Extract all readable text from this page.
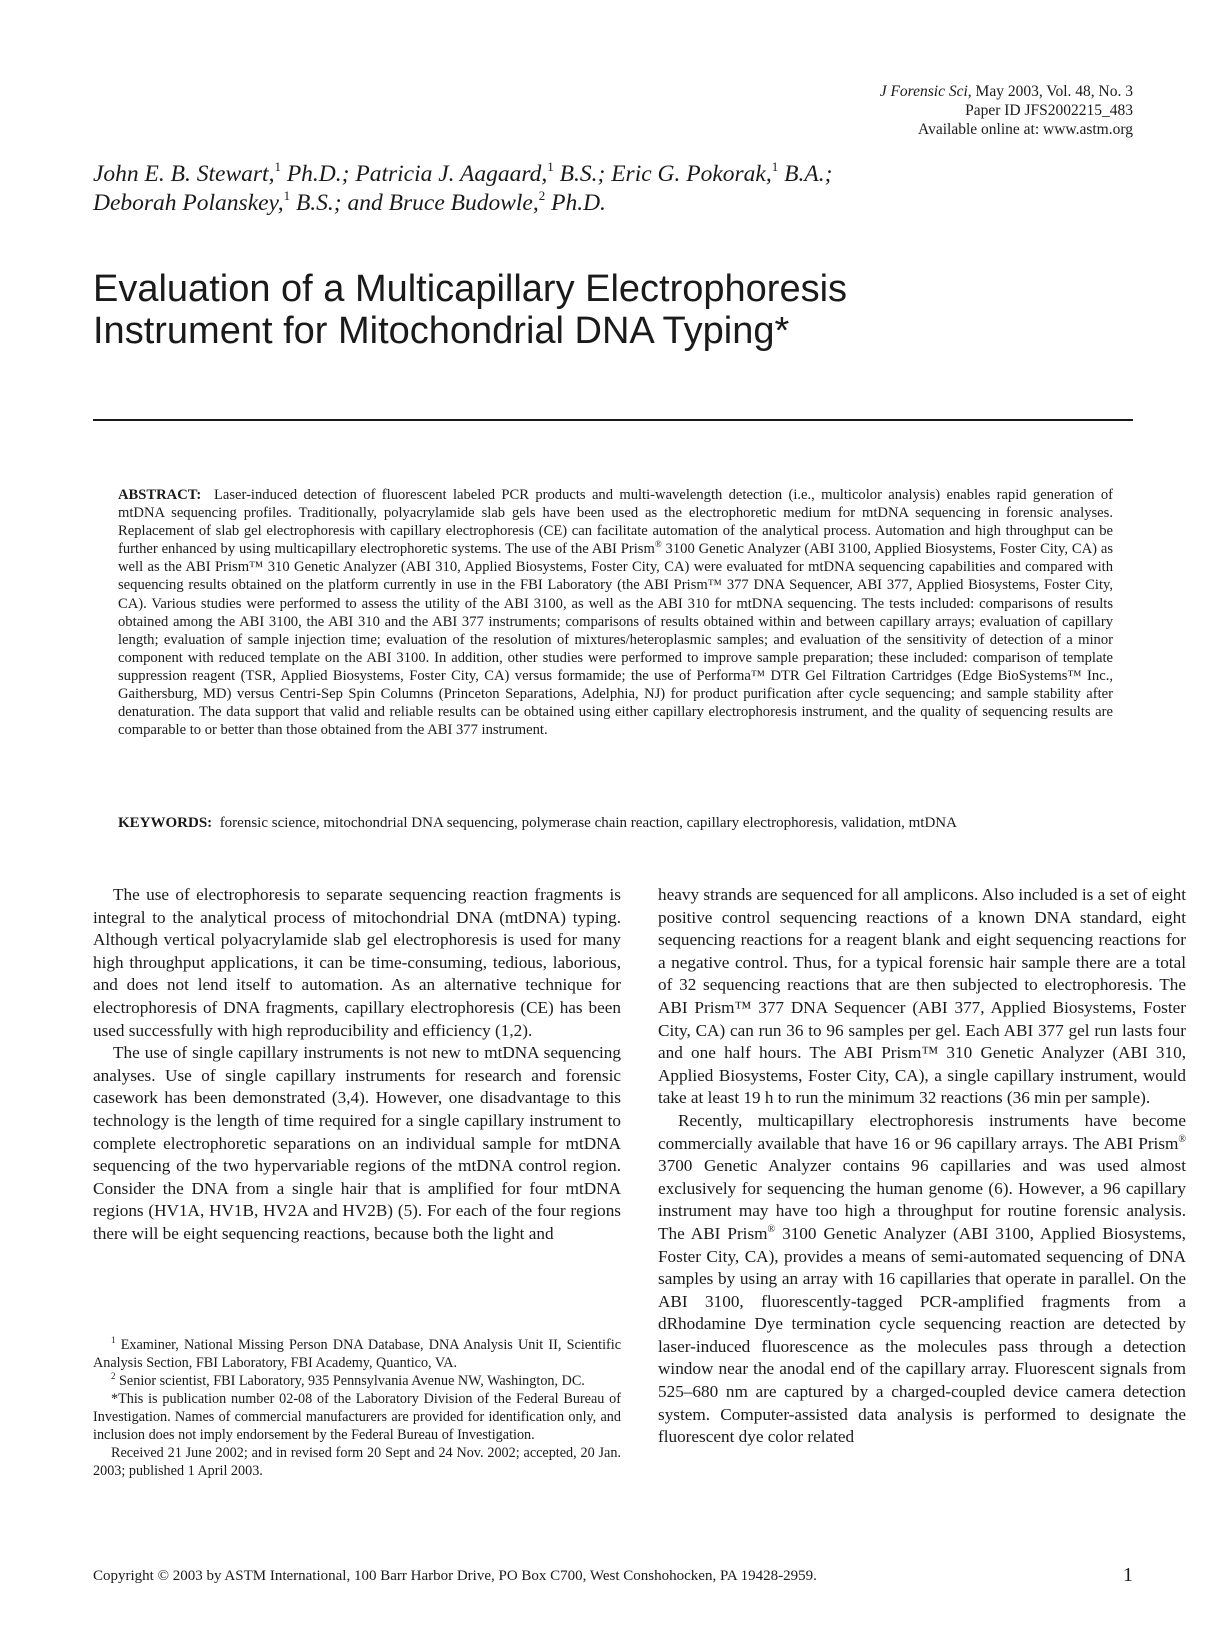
J Forensic Sci, May 2003, Vol. 48, No. 3
Paper ID JFS2002215_483
Available online at: www.astm.org
John E. B. Stewart,$^1$ Ph.D.; Patricia J. Aagaard,$^1$ B.S.; Eric G. Pokorak,$^1$ B.A.;
Deborah Polanskey,$^1$ B.S.; and Bruce Budowle,$^2$ Ph.D.
Evaluation of a Multicapillary Electrophoresis
Instrument for Mitochondrial DNA Typing*
ABSTRACT: Laser-induced detection of fluorescent labeled PCR products and multi-wavelength detection (i.e., multicolor analysis) enables rapid generation of mtDNA sequencing profiles. Traditionally, polyacrylamide slab gels have been used as the electrophoretic medium for mtDNA sequencing in forensic analyses. Replacement of slab gel electrophoresis with capillary electrophoresis (CE) can facilitate automation of the analytical process. Automation and high throughput can be further enhanced by using multicapillary electrophoretic systems. The use of the ABI Prism® 3100 Genetic Analyzer (ABI 3100, Applied Biosystems, Foster City, CA) as well as the ABI Prism™ 310 Genetic Analyzer (ABI 310, Applied Biosystems, Foster City, CA) were evaluated for mtDNA sequencing capabilities and compared with sequencing results obtained on the platform currently in use in the FBI Laboratory (the ABI Prism™ 377 DNA Sequencer, ABI 377, Applied Biosystems, Foster City, CA). Various studies were performed to assess the utility of the ABI 3100, as well as the ABI 310 for mtDNA sequencing. The tests included: comparisons of results obtained among the ABI 3100, the ABI 310 and the ABI 377 instruments; comparisons of results obtained within and between capillary arrays; evaluation of capillary length; evaluation of sample injection time; evaluation of the resolution of mixtures/heteroplasmic samples; and evaluation of the sensitivity of detection of a minor component with reduced template on the ABI 3100. In addition, other studies were performed to improve sample preparation; these included: comparison of template suppression reagent (TSR, Applied Biosystems, Foster City, CA) versus formamide; the use of Performa™ DTR Gel Filtration Cartridges (Edge BioSystems™ Inc., Gaithersburg, MD) versus Centri-Sep Spin Columns (Princeton Separations, Adelphia, NJ) for product purification after cycle sequencing; and sample stability after denaturation. The data support that valid and reliable results can be obtained using either capillary electrophoresis instrument, and the quality of sequencing results are comparable to or better than those obtained from the ABI 377 instrument.
KEYWORDS: forensic science, mitochondrial DNA sequencing, polymerase chain reaction, capillary electrophoresis, validation, mtDNA

The use of electrophoresis to separate sequencing reaction fragments is integral to the analytical process of mitochondrial DNA (mtDNA) typing. Although vertical polyacrylamide slab gel electrophoresis is used for many high throughput applications, it can be time-consuming, tedious, laborious, and does not lend itself to automation. As an alternative technique for electrophoresis of DNA fragments, capillary electrophoresis (CE) has been used successfully with high reproducibility and efficiency (1,2).

The use of single capillary instruments is not new to mtDNA sequencing analyses. Use of single capillary instruments for research and forensic casework has been demonstrated (3,4). However, one disadvantage to this technology is the length of time required for a single capillary instrument to complete electrophoretic separations on an individual sample for mtDNA sequencing of the two hypervariable regions of the mtDNA control region. Consider the DNA from a single hair that is amplified for four mtDNA regions (HV1A, HV1B, HV2A and HV2B) (5). For each of the four regions there will be eight sequencing reactions, because both the light and

$^1$ Examiner, National Missing Person DNA Database, DNA Analysis Unit II, Scientific Analysis Section, FBI Laboratory, FBI Academy, Quantico, VA.

$^2$ Senior scientist, FBI Laboratory, 935 Pennsylvania Avenue NW, Washington, DC.

*This is publication number 02-08 of the Laboratory Division of the Federal Bureau of Investigation. Names of commercial manufacturers are provided for identification only, and inclusion does not imply endorsement by the Federal Bureau of Investigation.

Received 21 June 2002; and in revised form 20 Sept and 24 Nov. 2002; accepted, 20 Jan. 2003; published 1 April 2003.

heavy strands are sequenced for all amplicons. Also included is a set of eight positive control sequencing reactions of a known DNA standard, eight sequencing reactions for a reagent blank and eight sequencing reactions for a negative control. Thus, for a typical forensic hair sample there are a total of 32 sequencing reactions that are then subjected to electrophoresis. The ABI Prism™ 377 DNA Sequencer (ABI 377, Applied Biosystems, Foster City, CA) can run 36 to 96 samples per gel. Each ABI 377 gel run lasts four and one half hours. The ABI Prism™ 310 Genetic Analyzer (ABI 310, Applied Biosystems, Foster City, CA), a single capillary instrument, would take at least 19 h to run the minimum 32 reactions (36 min per sample).

Recently, multicapillary electrophoresis instruments have become commercially available that have 16 or 96 capillary arrays. The ABI Prism® 3700 Genetic Analyzer contains 96 capillaries and was used almost exclusively for sequencing the human genome (6). However, a 96 capillary instrument may have too high a throughput for routine forensic analysis. The ABI Prism® 3100 Genetic Analyzer (ABI 3100, Applied Biosystems, Foster City, CA), provides a means of semi-automated sequencing of DNA samples by using an array with 16 capillaries that operate in parallel. On the ABI 3100, fluorescently-tagged PCR-amplified fragments from a dRhodamine Dye termination cycle sequencing reaction are detected by laser-induced fluorescence as the molecules pass through a detection window near the anodal end of the capillary array. Fluorescent signals from 525–680 nm are captured by a charged-coupled device camera detection system. Computer-assisted data analysis is performed to designate the fluorescent dye color related

Copyright © 2003 by ASTM International, 100 Barr Harbor Drive, PO Box C700, West Conshohocken, PA 19428-2959.	1
